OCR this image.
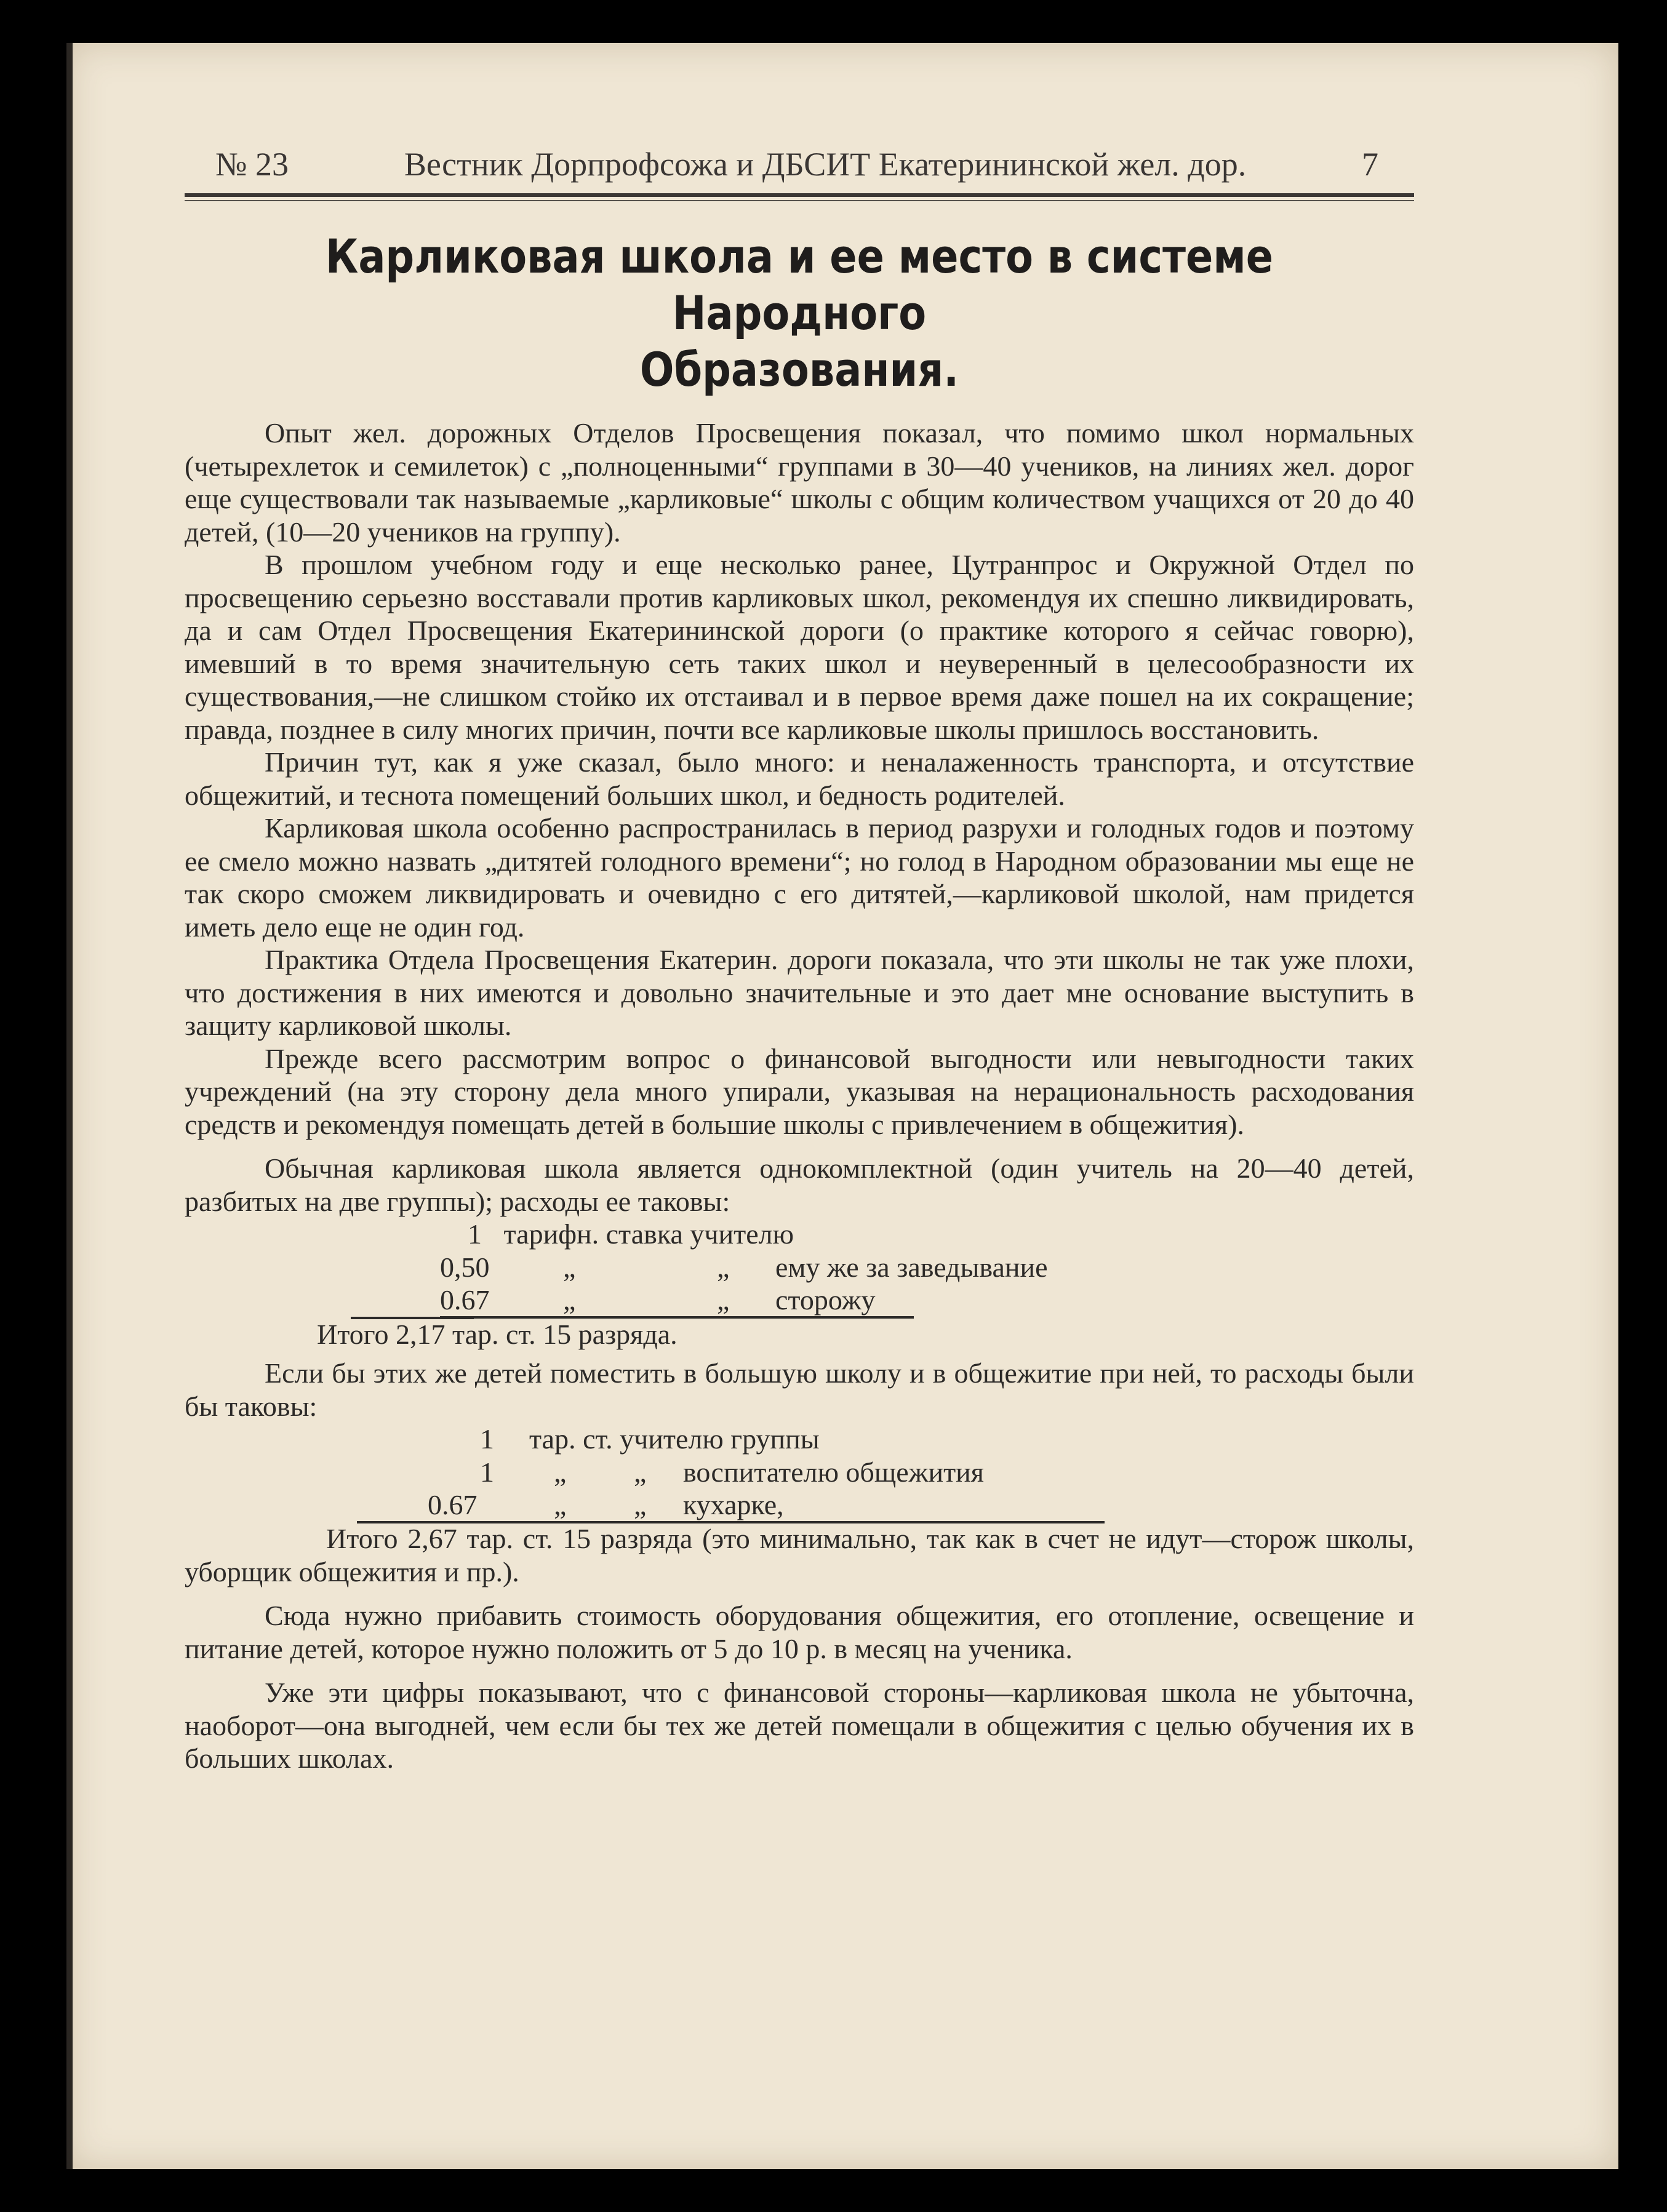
№ 23	Вестник Дорпрофсожа и ДБСИТ Екатерининской жел. дор.	7
Карликовая школа и ее место в системе Народного
Образования.

Опыт жел. дорожных Отделов Просвещения показал, что помимо школ нормальных (четырехлеток и семилеток) с „полноценными“ группами в 30—40 учеников, на линиях жел. дорог еще существовали так называемые „карликовые“ школы с общим количеством учащихся от 20 до 40 детей, (10—20 учеников на группу).

В прошлом учебном году и еще несколько ранее, Цутранпрос и Окружной Отдел по просвещению серьезно восставали против карликовых школ, рекомендуя их спешно ликвидировать, да и сам Отдел Просвещения Екатерининской дороги (о практике которого я сейчас говорю), имевший в то время значительную сеть таких школ и неуверенный в целесообразности их существования,—не слишком стойко их отстаивал и в первое время даже пошел на их сокращение; правда, позднее в силу многих причин, почти все карликовые школы пришлось восстановить.

Причин тут, как я уже сказал, было много: и неналаженность транспорта, и отсутствие общежитий, и теснота помещений больших школ, и бедность родителей.

Карликовая школа особенно распространилась в период разрухи и голодных годов и поэтому ее смело можно назвать „дитятей голодного времени“; но голод в Народном образовании мы еще не так скоро сможем ликвидировать и очевидно с его дитятей,—карликовой школой, нам придется иметь дело еще не один год.

Практика Отдела Просвещения Екатерин. дороги показала, что эти школы не так уже плохи, что достижения в них имеются и довольно значительные и это дает мне основание выступить в защиту карликовой школы.

Прежде всего рассмотрим вопрос о финансовой выгодности или невыгодности таких учреждений (на эту сторону дела много упирали, указывая на нерациональность расходования средств и рекомендуя помещать детей в большие школы с привлечением в общежития).

Обычная карликовая школа является однокомплектной (один учитель на 20—40 детей, разбитых на две группы); расходы ее таковы:

1 тарифн. ставка учителю
0,50	„	„ ему же за заведывание
0.67	„	„ сторожу
Итого 2,17 тар. ст. 15 разряда.

Если бы этих же детей поместить в большую школу и в общежитие при ней, то расходы были бы таковы:

1 тар. ст. учителю группы
1 „ „ воспитателю общежития
0.67	„ „ кухарке,

Итого 2,67 тар. ст. 15 разряда (это минимально, так как в счет не идут—сторож школы, уборщик общежития и пр.).

Сюда нужно прибавить стоимость оборудования общежития, его отопление, освещение и питание детей, которое нужно положить от 5 до 10 р. в месяц на ученика.

Уже эти цифры показывают, что с финансовой стороны—карликовая школа не убыточна, наоборот—она выгодней, чем если бы тех же детей помещали в общежития с целью обучения их в больших школах.
